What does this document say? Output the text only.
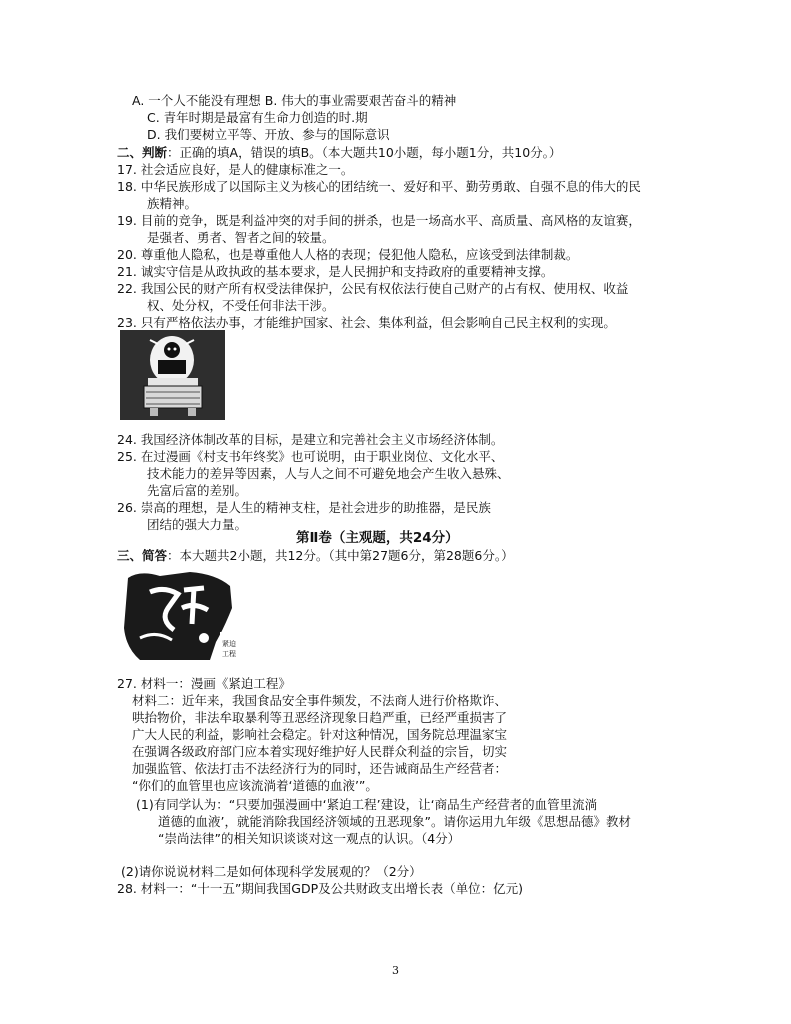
A. 一个人不能没有理想 B. 伟大的事业需要艰苦奋斗的精神
C. 青年时期是最富有生命力创造的时.期
D. 我们要树立平等、开放、参与的国际意识
二、判断：正确的填A，错误的填B。（本大题共10小题，每小题1分，共10分。）
17. 社会适应良好，是人的健康标准之一。
18. 中华民族形成了以国际主义为核心的团结统一、爱好和平、勤劳勇敢、自强不息的伟大的民
族精神。
19. 目前的竞争，既是利益冲突的对手间的拼杀，也是一场高水平、高质量、高风格的友谊赛，
是强者、勇者、智者之间的较量。
20. 尊重他人隐私，也是尊重他人人格的表现；侵犯他人隐私，应该受到法律制裁。
21. 诚实守信是从政执政的基本要求，是人民拥护和支持政府的重要精神支撑。
22. 我国公民的财产所有权受法律保护，公民有权依法行使自己财产的占有权、使用权、收益
权、处分权，不受任何非法干涉。
23. 只有严格依法办事，才能维护国家、社会、集体利益，但会影响自己民主权利的实现。
24. 我国经济体制改革的目标，是建立和完善社会主义市场经济体制。
25. 在过漫画《村支书年终奖》也可说明，由于职业岗位、文化水平、
技术能力的差异等因素，人与人之间不可避免地会产生收入悬殊、
先富后富的差别。
26. 崇高的理想，是人生的精神支柱，是社会进步的助推器，是民族
团结的强大力量。
第Ⅱ卷（主观题，共24分）
三、简答：本大题共2小题，共12分。（其中第27题6分，第28题6分。）
紧迫
工程
27. 材料一：漫画《紧迫工程》
材料二：近年来，我国食品安全事件频发，不法商人进行价格欺诈、
哄抬物价，非法牟取暴利等丑恶经济现象日趋严重，已经严重损害了
广大人民的利益，影响社会稳定。针对这种情况，国务院总理温家宝
在强调各级政府部门应本着实现好维护好人民群众利益的宗旨，切实
加强监管、依法打击不法经济行为的同时，还告诫商品生产经营者：
“你们的血管里也应该流淌着‘道德的血液’”。
(1)有同学认为：“只要加强漫画中‘紧迫工程’建设，让‘商品生产经营者的血管里流淌
道德的血液’，就能消除我国经济领域的丑恶现象”。请你运用九年级《思想品德》教材
“崇尚法律”的相关知识谈谈对这一观点的认识。（4分）
(2)请你说说材料二是如何体现科学发展观的？（2分）
28. 材料一：“十一五”期间我国GDP及公共财政支出增长表（单位：亿元)
3
